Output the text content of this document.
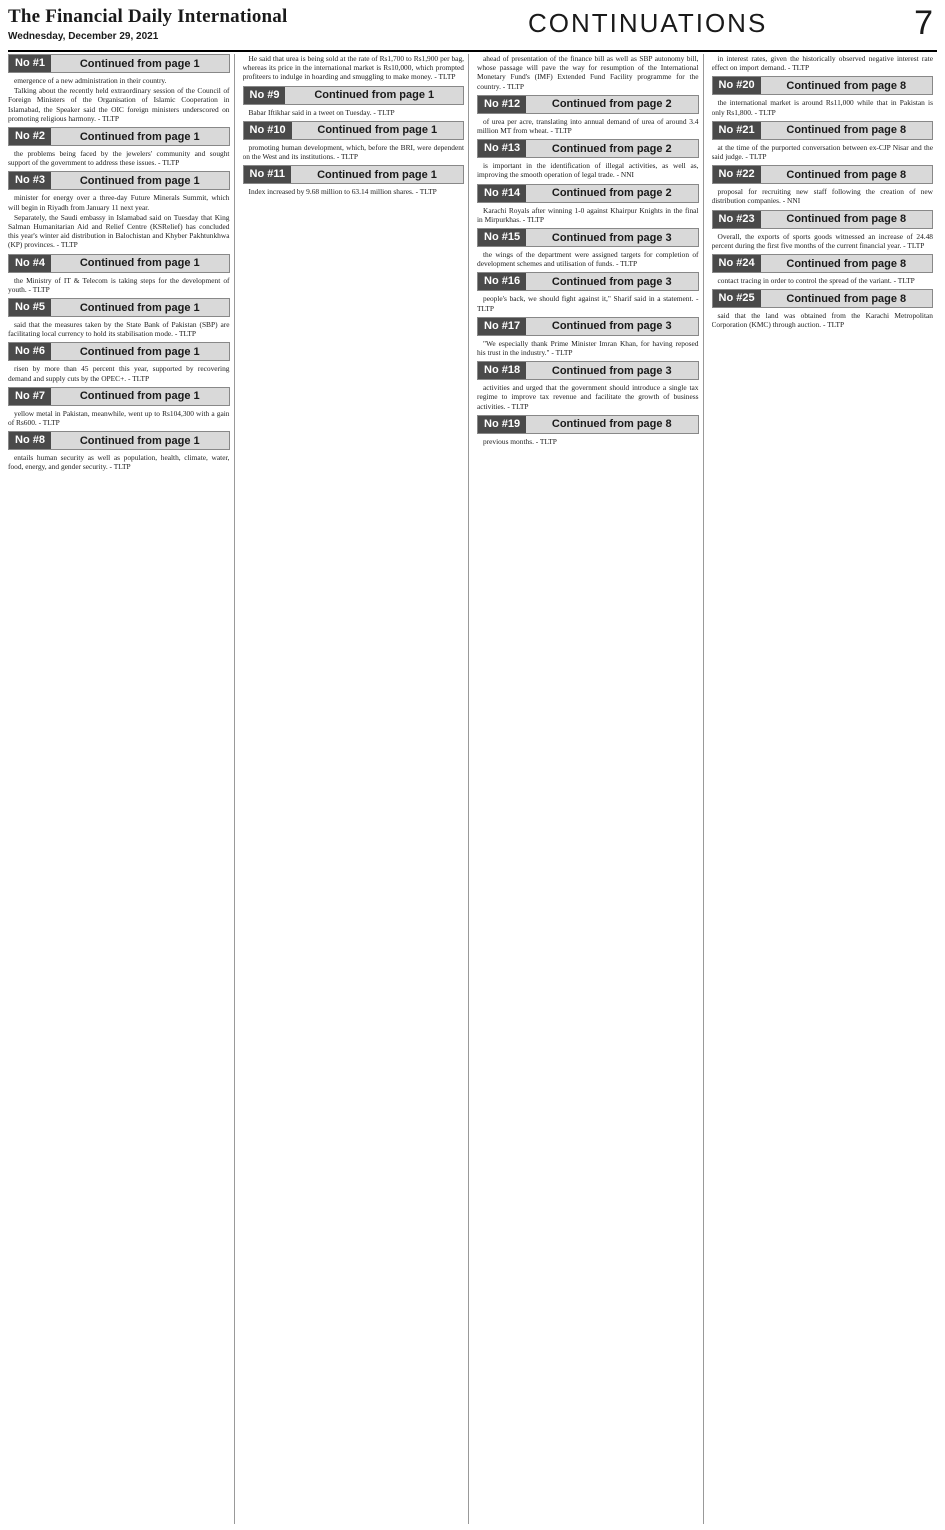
The Financial Daily International
Wednesday, December 29, 2021	CONTINUATIONS	7
No #1	Continued from page 1

emergence of a new administration in their country.

Talking about the recently held extraordinary session of the Council of Foreign Ministers of the Organisation of Islamic Cooperation in Islamabad, the Speaker said the OIC foreign ministers underscored on promoting religious harmony. - TLTP

No #2	Continued from page 1

the problems being faced by the jewelers' community and sought support of the government to address these issues. - TLTP

No #3	Continued from page 1

minister for energy over a three-day Future Minerals Summit, which will begin in Riyadh from January 11 next year.

Separately, the Saudi embassy in Islamabad said on Tuesday that King Salman Humanitarian Aid and Relief Centre (KSRelief) has concluded this year's winter aid distribution in Balochistan and Khyber Pakhtunkhwa (KP) provinces. - TLTP

No #4	Continued from page 1

the Ministry of IT & Telecom is taking steps for the development of youth. - TLTP

No #5	Continued from page 1

said that the measures taken by the State Bank of Pakistan (SBP) are facilitating local currency to hold its stabilisation mode. - TLTP

No #6	Continued from page 1

risen by more than 45 percent this year, supported by recovering demand and supply cuts by the OPEC+. - TLTP

No #7	Continued from page 1

yellow metal in Pakistan, meanwhile, went up to Rs104,300 with a gain of Rs600. - TLTP

No #8	Continued from page 1

entails human security as well as population, health, climate, water, food, energy, and gender security. - TLTP

He said that urea is being sold at the rate of Rs1,700 to Rs1,900 per bag, whereas its price in the international market is Rs10,000, which prompted profiteers to indulge in hoarding and smuggling to make money. - TLTP

No #9	Continued from page 1

Babar Iftikhar said in a tweet on Tuesday. - TLTP

No #10	Continued from page 1

promoting human development, which, before the BRI, were dependent on the West and its institutions. - TLTP

No #11	Continued from page 1

Index increased by 9.68 million to 63.14 million shares. - TLTP

ahead of presentation of the finance bill as well as SBP autonomy bill, whose passage will pave the way for resumption of the International Monetary Fund's (IMF) Extended Fund Facility programme for the country. - TLTP

No #12	Continued from page 2

of urea per acre, translating into annual demand of urea of around 3.4 million MT from wheat. - TLTP

No #13	Continued from page 2

is important in the identification of illegal activities, as well as, improving the smooth operation of legal trade. - NNI

No #14	Continued from page 2

Karachi Royals after winning 1-0 against Khairpur Knights in the final in Mirpurkhas. - TLTP

No #15	Continued from page 3

the wings of the department were assigned targets for completion of development schemes and utilisation of funds. - TLTP

No #16	Continued from page 3

people's back, we should fight against it," Sharif said in a statement. - TLTP

No #17	Continued from page 3

"We especially thank Prime Minister Imran Khan, for having reposed his trust in the industry." - TLTP

No #18	Continued from page 3

activities and urged that the government should introduce a single tax regime to improve tax revenue and facilitate the growth of business activities. - TLTP

No #19	Continued from page 8

previous months. - TLTP

in interest rates, given the historically observed negative interest rate effect on import demand. - TLTP

No #20	Continued from page 8

the international market is around Rs11,000 while that in Pakistan is only Rs1,800. - TLTP

No #21	Continued from page 8

at the time of the purported conversation between ex-CJP Nisar and the said judge. - TLTP

No #22	Continued from page 8

proposal for recruiting new staff following the creation of new distribution companies. - NNI

No #23	Continued from page 8

Overall, the exports of sports goods witnessed an increase of 24.48 percent during the first five months of the current financial year. - TLTP

No #24	Continued from page 8

contact tracing in order to control the spread of the variant. - TLTP

No #25	Continued from page 8

said that the land was obtained from the Karachi Metropolitan Corporation (KMC) through auction. - TLTP
